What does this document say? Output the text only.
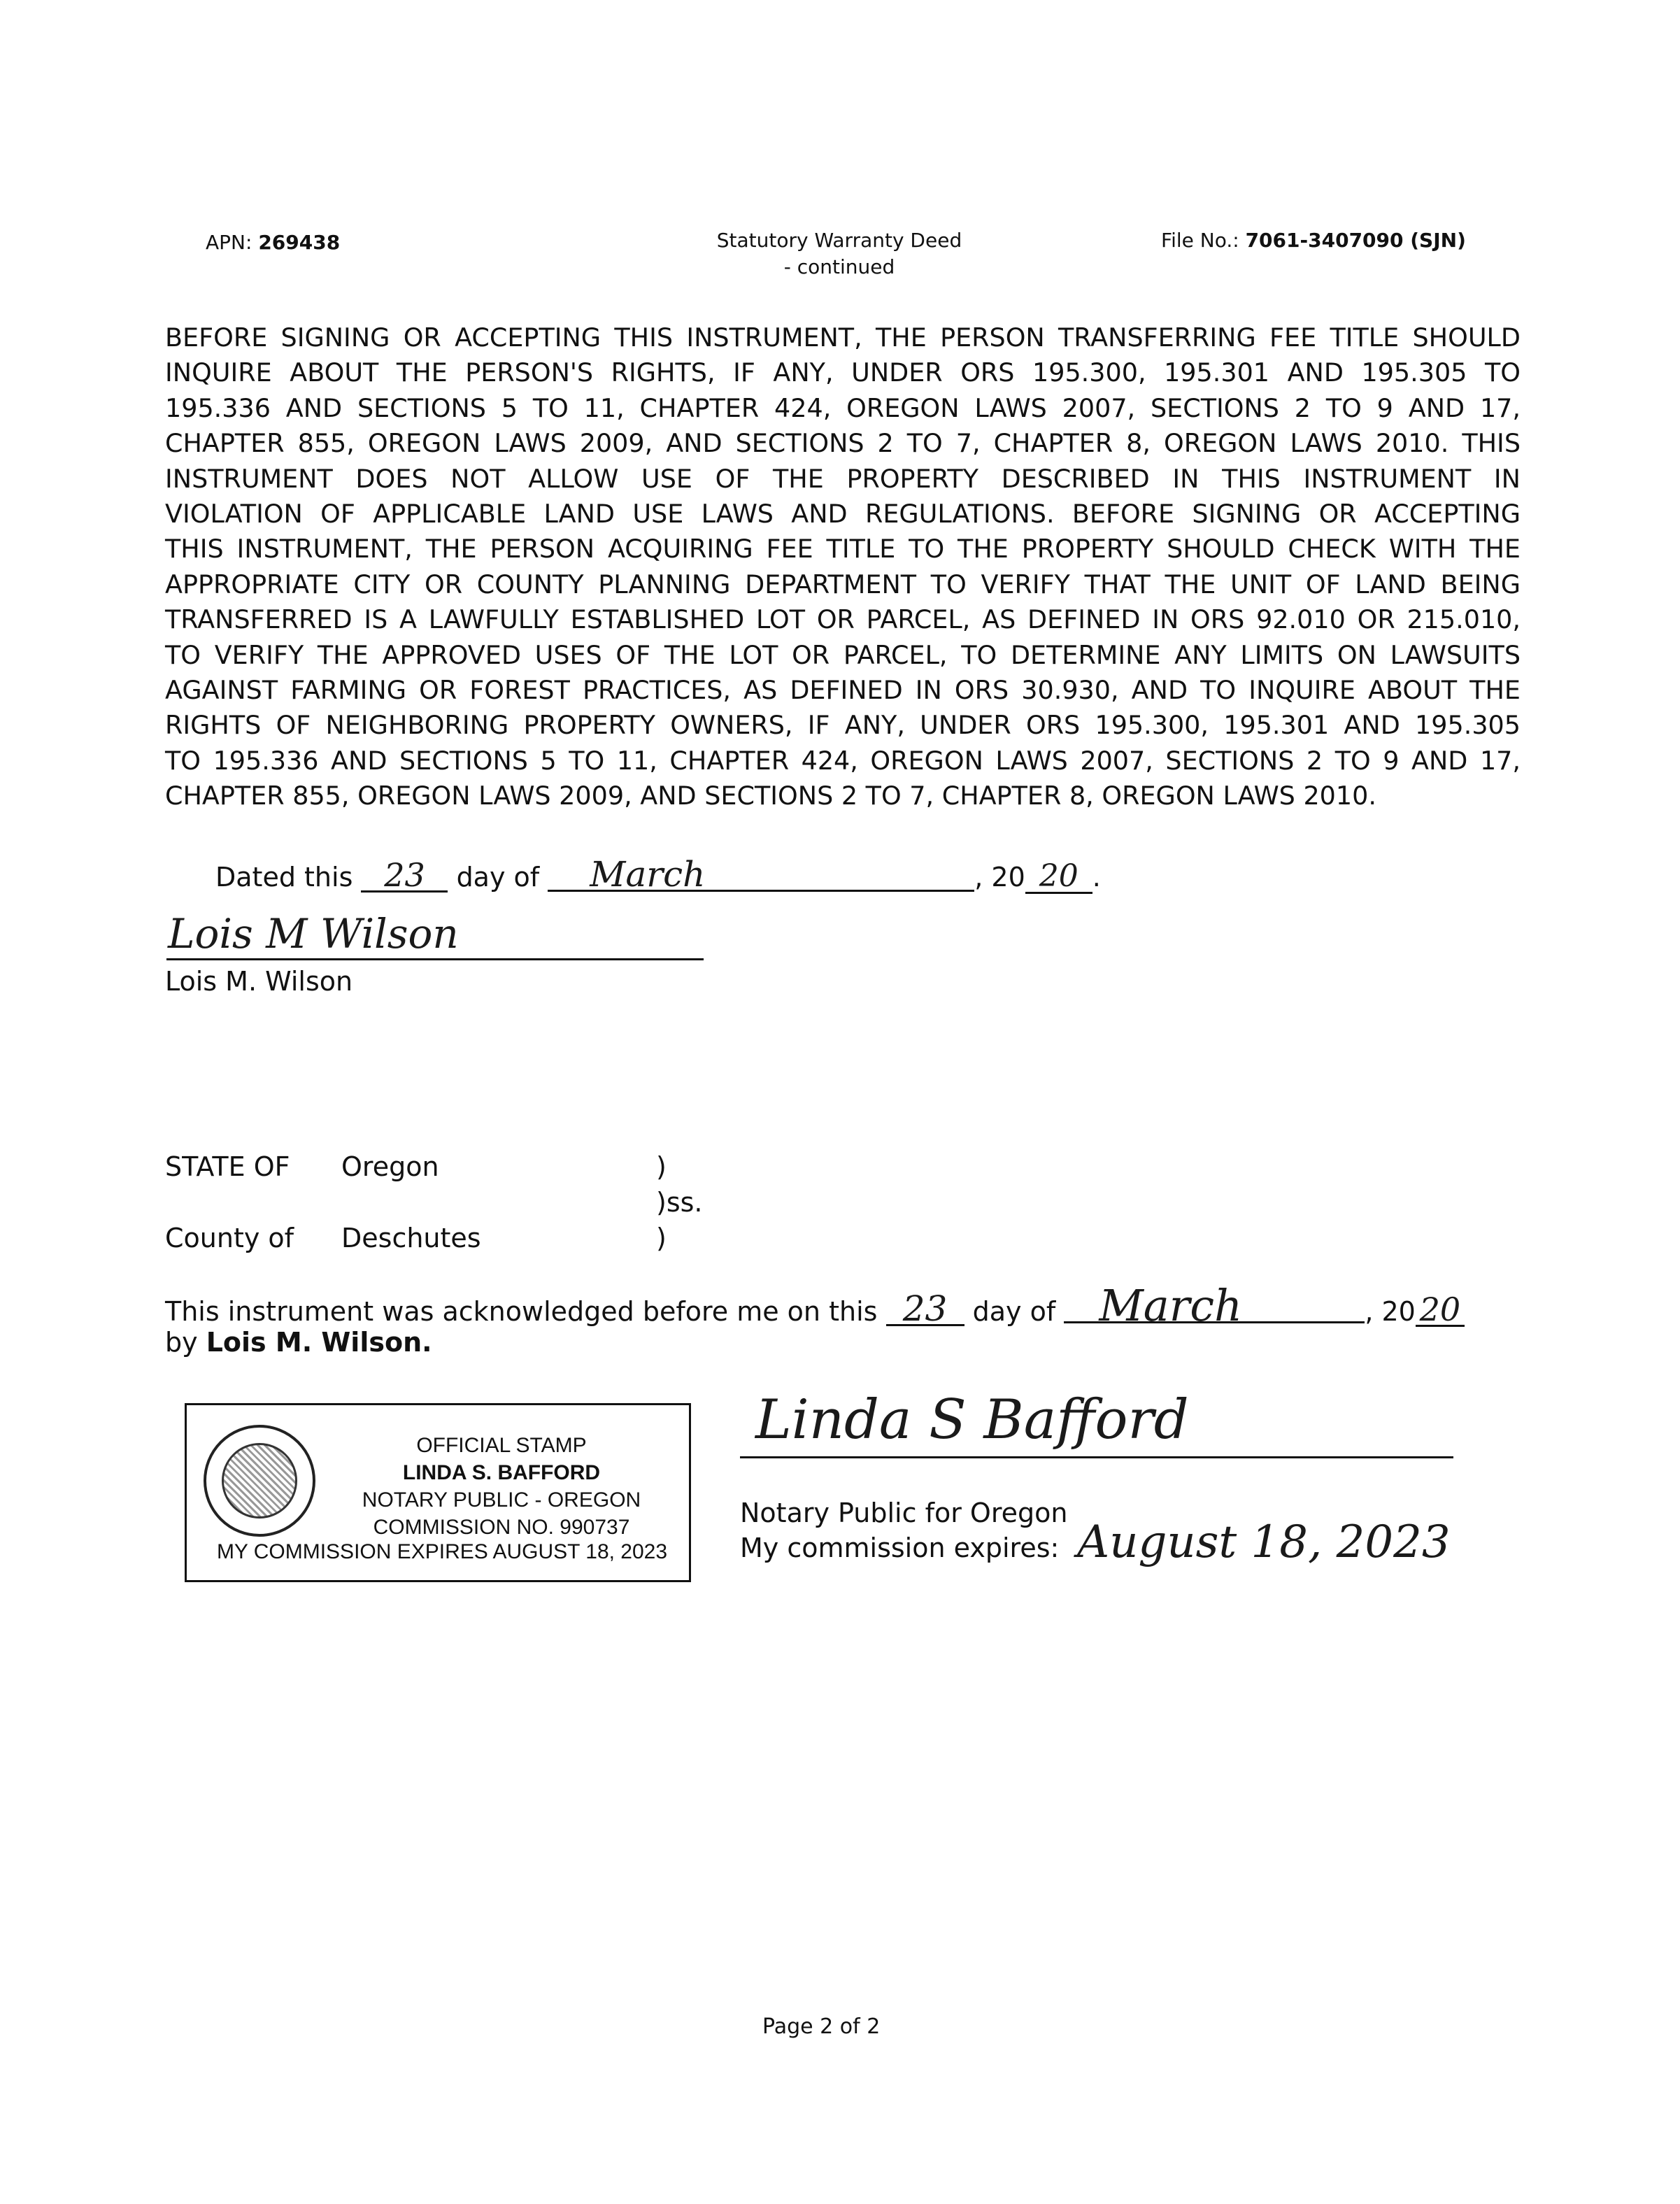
APN: 269438	Statutory Warranty Deed
- continued
File No.: 7061-3407090 (SJN)
BEFORE SIGNING OR ACCEPTING THIS INSTRUMENT, THE PERSON TRANSFERRING FEE TITLE SHOULD
INQUIRE ABOUT THE PERSON'S RIGHTS, IF ANY, UNDER ORS 195.300, 195.301 AND 195.305 TO
195.336 AND SECTIONS 5 TO 11, CHAPTER 424, OREGON LAWS 2007, SECTIONS 2 TO 9 AND 17,
CHAPTER 855, OREGON LAWS 2009, AND SECTIONS 2 TO 7, CHAPTER 8, OREGON LAWS 2010. THIS
INSTRUMENT DOES NOT ALLOW USE OF THE PROPERTY DESCRIBED IN THIS INSTRUMENT IN
VIOLATION OF APPLICABLE LAND USE LAWS AND REGULATIONS. BEFORE SIGNING OR ACCEPTING
THIS INSTRUMENT, THE PERSON ACQUIRING FEE TITLE TO THE PROPERTY SHOULD CHECK WITH THE
APPROPRIATE CITY OR COUNTY PLANNING DEPARTMENT TO VERIFY THAT THE UNIT OF LAND BEING
TRANSFERRED IS A LAWFULLY ESTABLISHED LOT OR PARCEL, AS DEFINED IN ORS 92.010 OR 215.010,
TO VERIFY THE APPROVED USES OF THE LOT OR PARCEL, TO DETERMINE ANY LIMITS ON LAWSUITS
AGAINST FARMING OR FOREST PRACTICES, AS DEFINED IN ORS 30.930, AND TO INQUIRE ABOUT THE
RIGHTS OF NEIGHBORING PROPERTY OWNERS, IF ANY, UNDER ORS 195.300, 195.301 AND 195.305
TO 195.336 AND SECTIONS 5 TO 11, CHAPTER 424, OREGON LAWS 2007, SECTIONS 2 TO 9 AND 17,
CHAPTER 855, OREGON LAWS 2009, AND SECTIONS 2 TO 7, CHAPTER 8, OREGON LAWS 2010.
Dated this 23 day of March	, 20 20 .
Lois M Wilson
Lois M. Wilson
STATE OF Oregon	)
)ss.
County of Deschutes	)
This instrument was acknowledged before me on this 23 day of March	, 20 20
by Lois M. Wilson.
OFFICIAL STAMP
LINDA S. BAFFORD
NOTARY PUBLIC - OREGON
COMMISSION NO. 990737
MY COMMISSION EXPIRES AUGUST 18, 2023
Linda S Bafford
Notary Public for Oregon
My commission expires: August 18, 2023
Page 2 of 2
